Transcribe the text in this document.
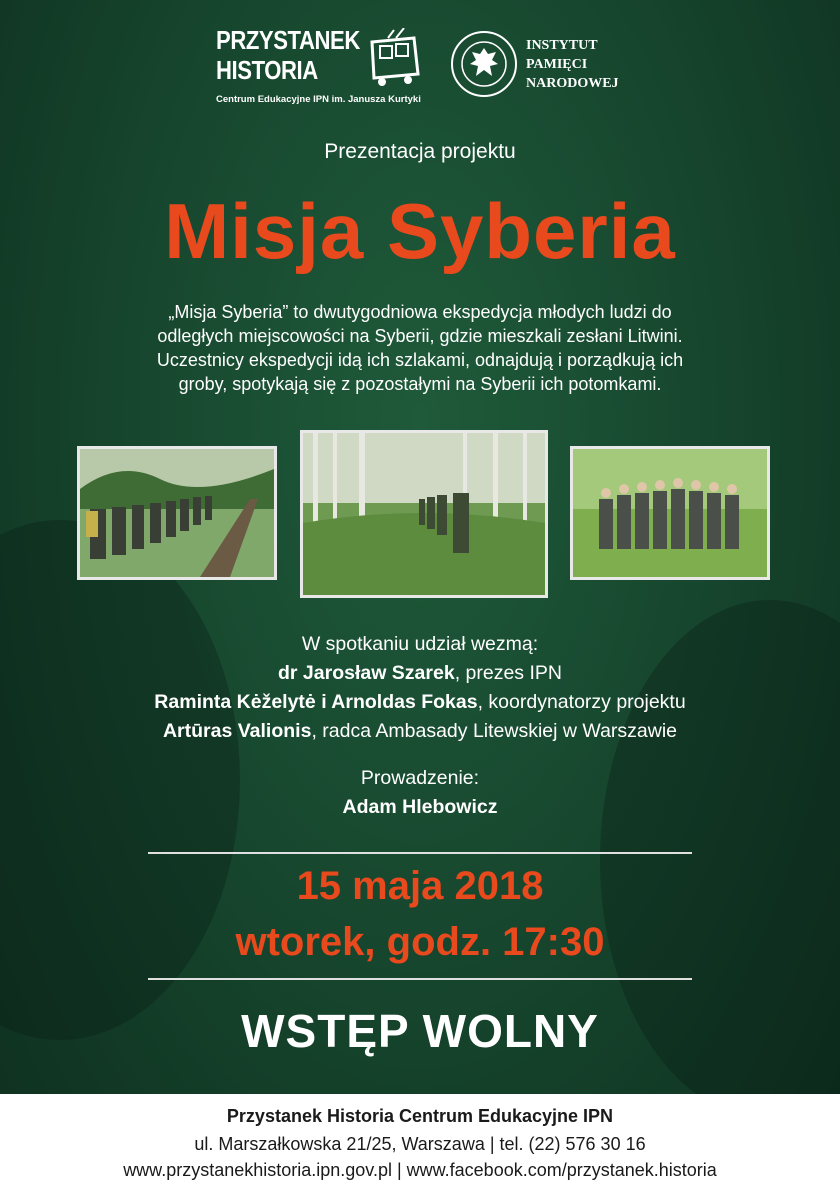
PRZYSTANEK
HISTORIA
Centrum Edukacyjne IPN im. Janusza Kurtyki
INSTYTUT
PAMIĘCI
NARODOWEJ
Prezentacja projektu
Misja Syberia
„Misja Syberia” to dwutygodniowa ekspedycja młodych ludzi do
odległych miejscowości na Syberii, gdzie mieszkali zesłani Litwini.
Uczestnicy ekspedycji idą ich szlakami, odnajdują i porządkują ich
groby, spotykają się z pozostałymi na Syberii ich potomkami.
W spotkaniu udział wezmą:
dr Jarosław Szarek, prezes IPN
Raminta Kėželytė i Arnoldas Fokas, koordynatorzy projektu
Artūras Valionis, radca Ambasady Litewskiej w Warszawie
Prowadzenie:
Adam Hlebowicz
15 maja 2018
wtorek, godz. 17:30
WSTĘP WOLNY
Przystanek Historia Centrum Edukacyjne IPN
ul. Marszałkowska 21/25, Warszawa | tel. (22) 576 30 16
www.przystanekhistoria.ipn.gov.pl | www.facebook.com/przystanek.historia
